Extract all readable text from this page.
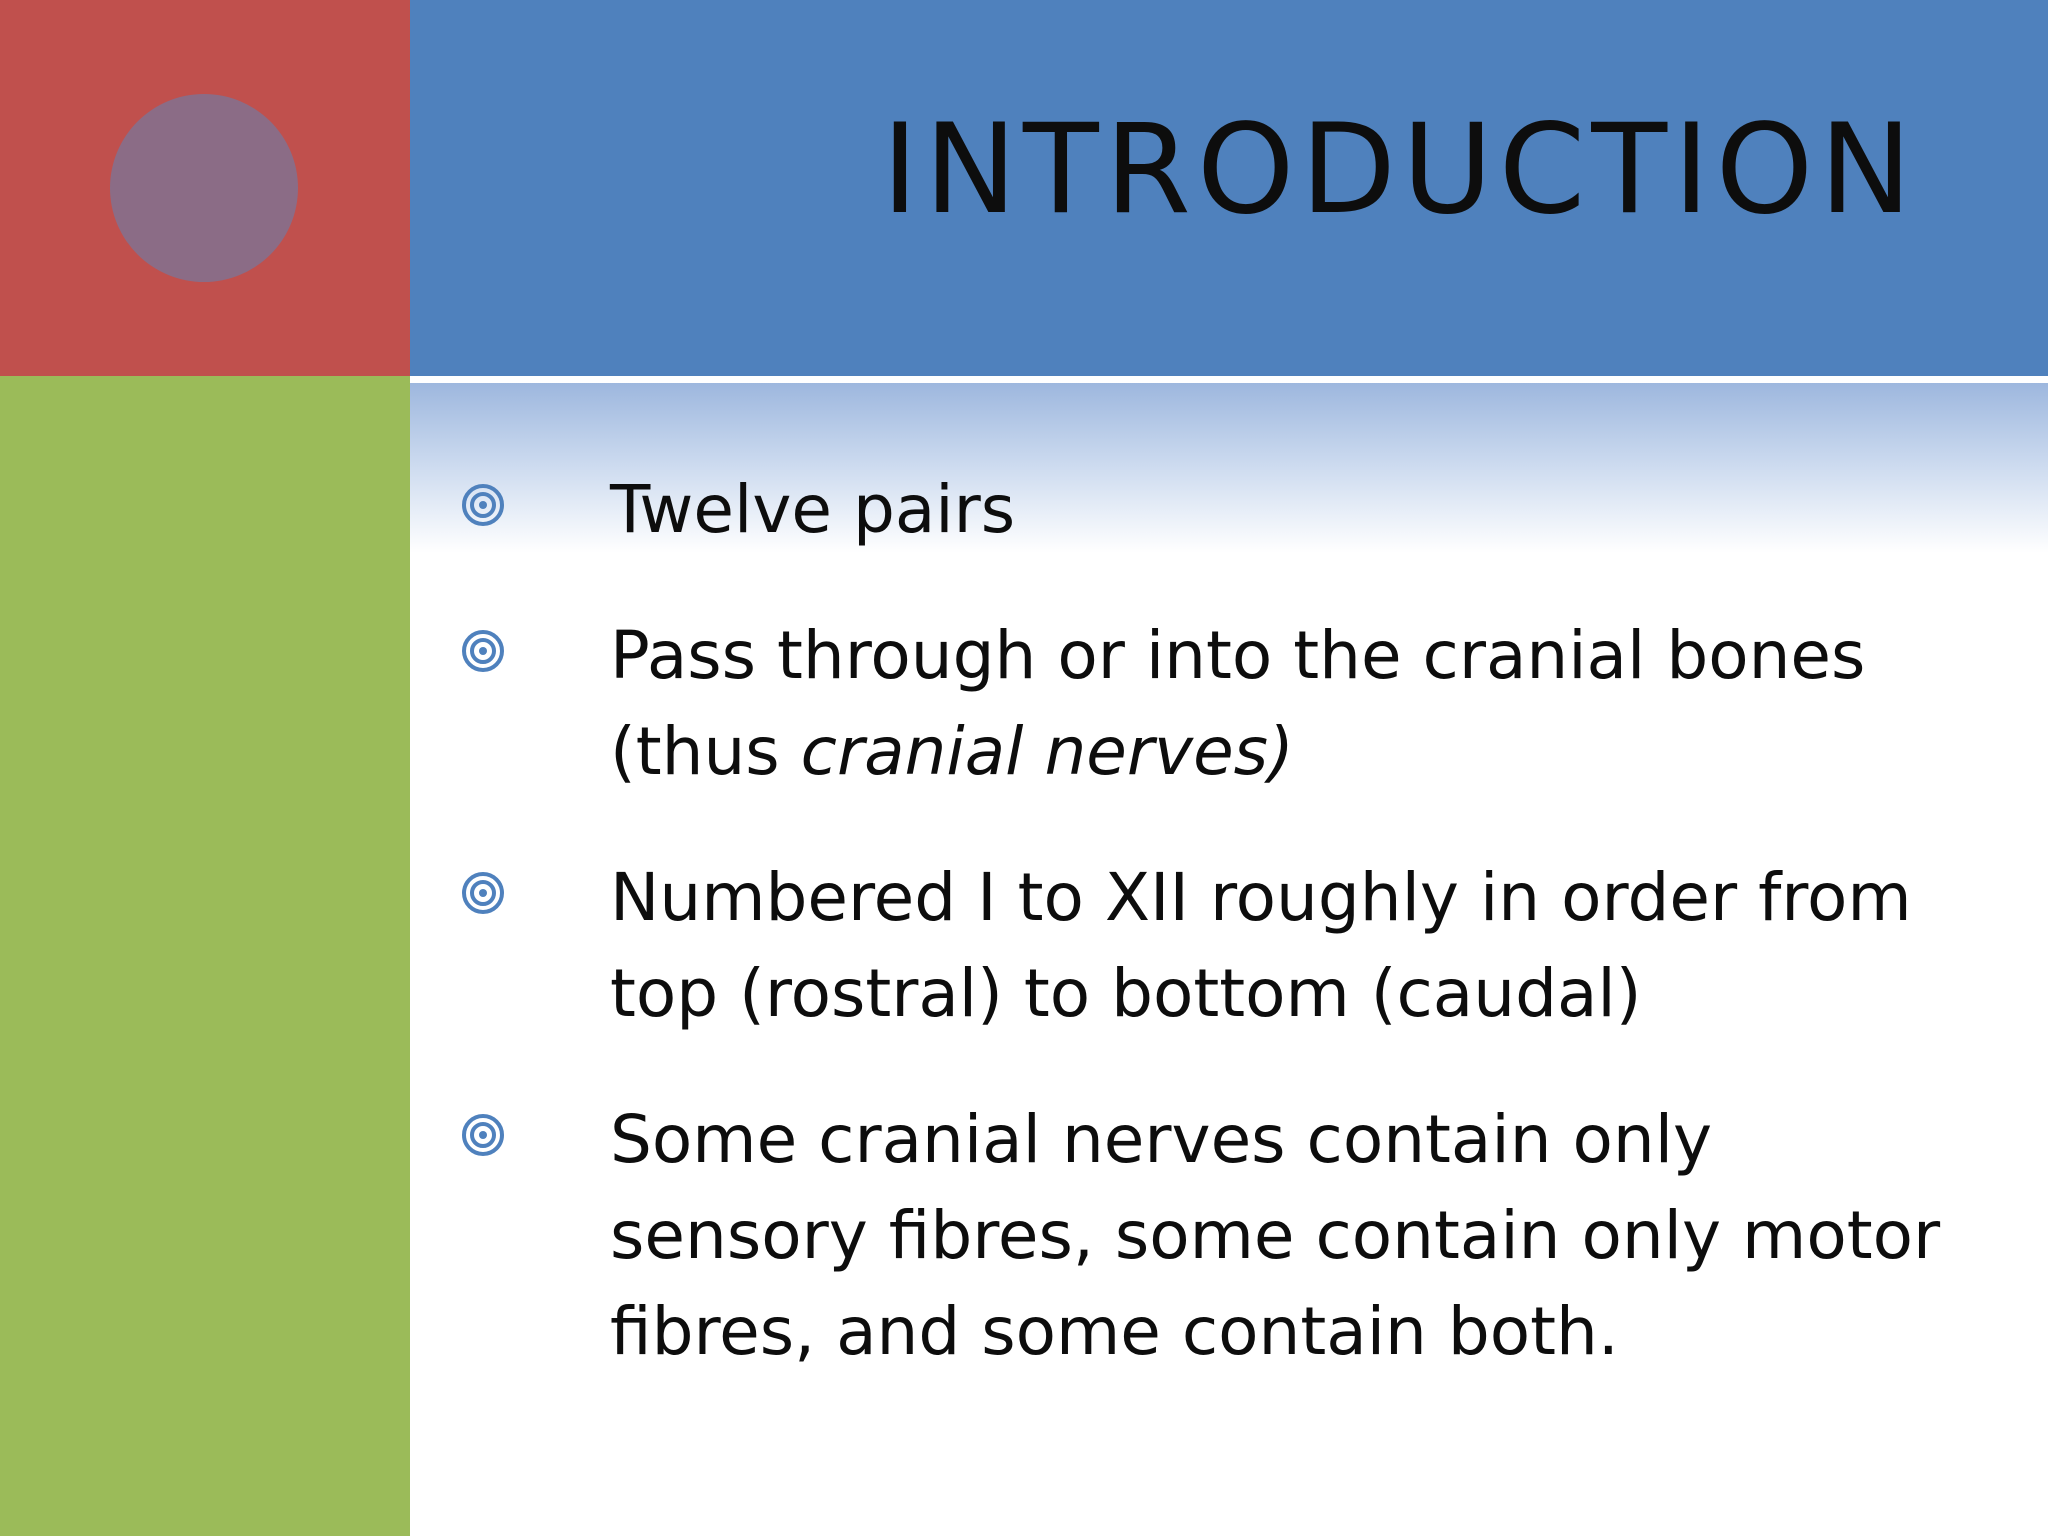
INTRODUCTION
Twelve pairs
Pass through or into the cranial bones (thus cranial nerves)
Numbered I to XII roughly in order from top (rostral) to bottom (caudal)
Some cranial nerves contain only sensory fibres, some contain only motor fibres, and some contain both.
